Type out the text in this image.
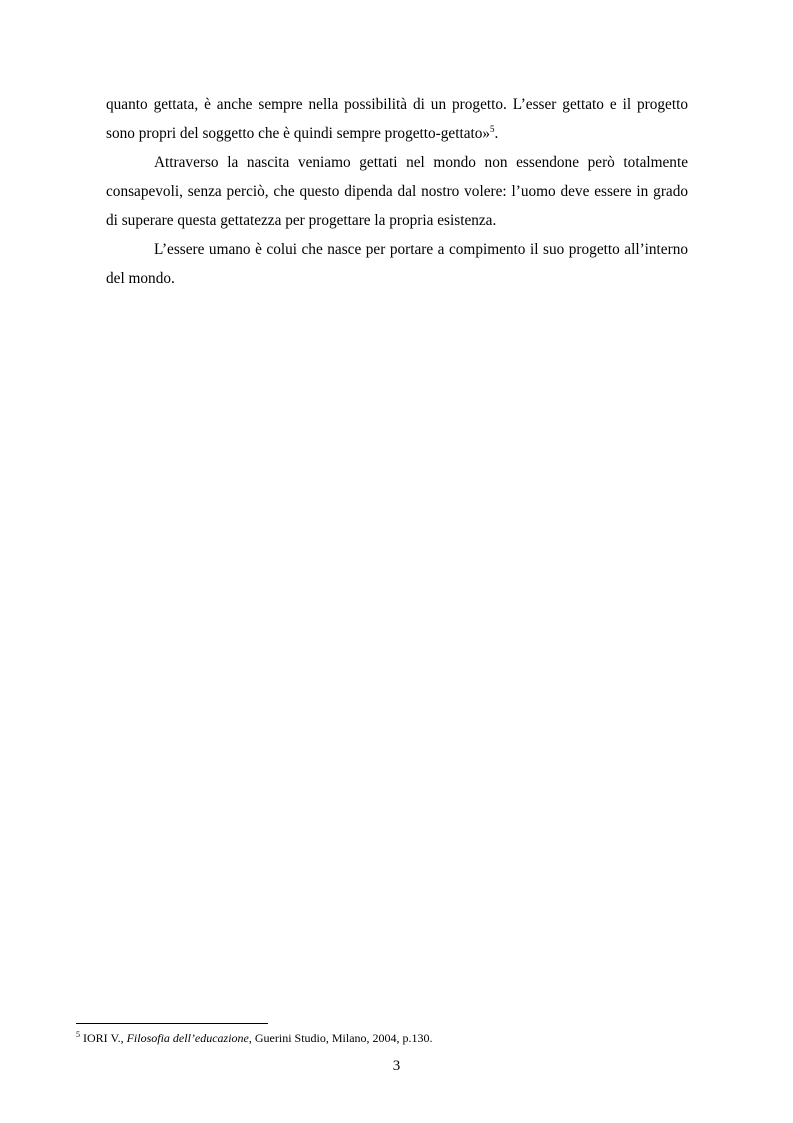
quanto gettata, è anche sempre nella possibilità di un progetto. L’esser gettato e il progetto sono propri del soggetto che è quindi sempre progetto-gettato»$^5$.

Attraverso la nascita veniamo gettati nel mondo non essendone però totalmente consapevoli, senza perciò, che questo dipenda dal nostro volere: l’uomo deve essere in grado di superare questa gettatezza per progettare la propria esistenza.

L’essere umano è colui che nasce per portare a compimento il suo progetto all’interno del mondo.

$^5$ IORI V., Filosofia dell’educazione, Guerini Studio, Milano, 2004, p.130.
3
